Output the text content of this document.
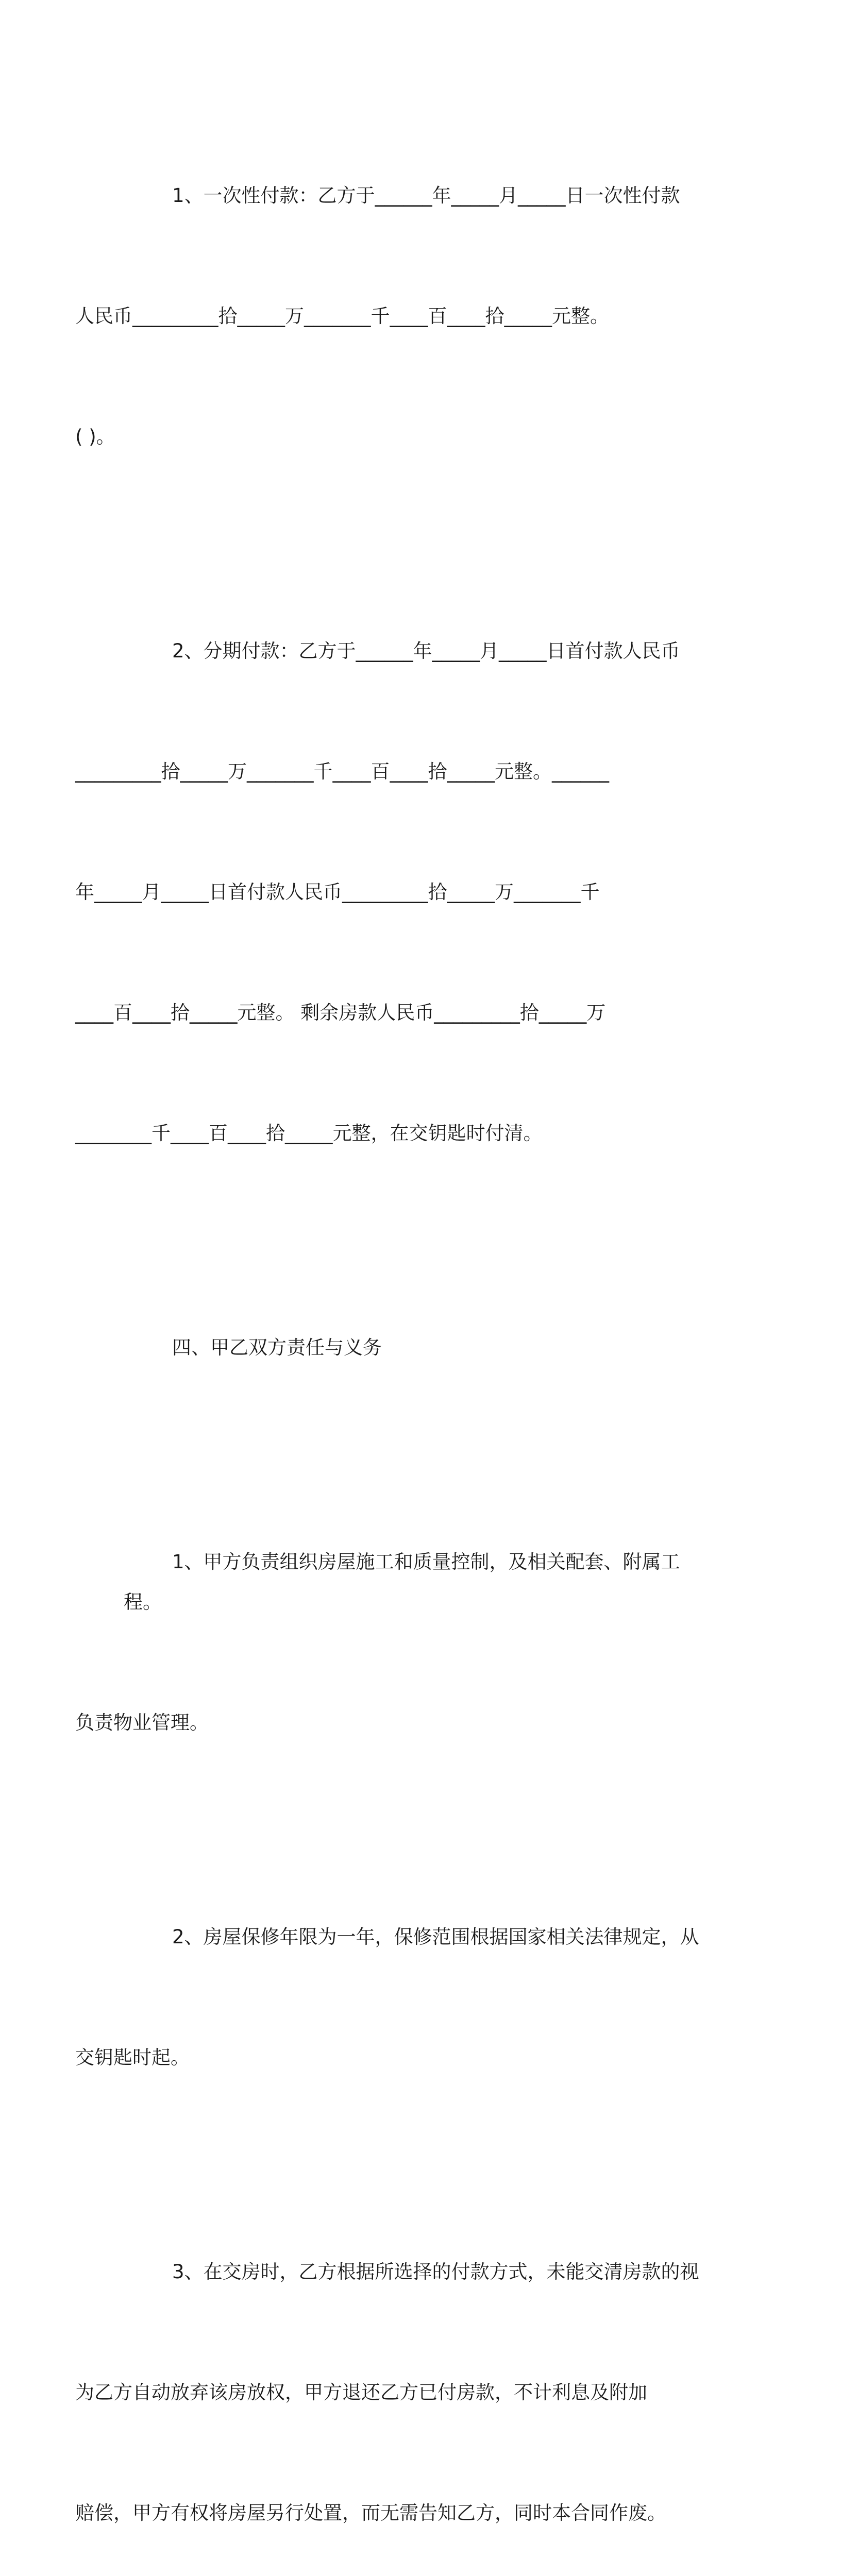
1、一次性付款：乙方于______年_____月_____日一次性付款

人民币_________拾_____万_______千____百____拾_____元整。

( )。

2、分期付款：乙方于______年_____月_____日首付款人民币

_________拾_____万_______千____百____拾_____元整。______

年_____月_____日首付款人民币_________拾_____万_______千

____百____拾_____元整。 剩余房款人民币_________拾_____万

________千____百____拾_____元整，在交钥匙时付清。

四、甲乙双方责任与义务

1、甲方负责组织房屋施工和质量控制，及相关配套、附属工程。

负责物业管理。

2、房屋保修年限为一年，保修范围根据国家相关法律规定，从

交钥匙时起。

3、在交房时，乙方根据所选择的付款方式，未能交清房款的视

为乙方自动放弃该房放权，甲方退还乙方已付房款，不计利息及附加

赔偿，甲方有权将房屋另行处置，而无需告知乙方，同时本合同作废。
